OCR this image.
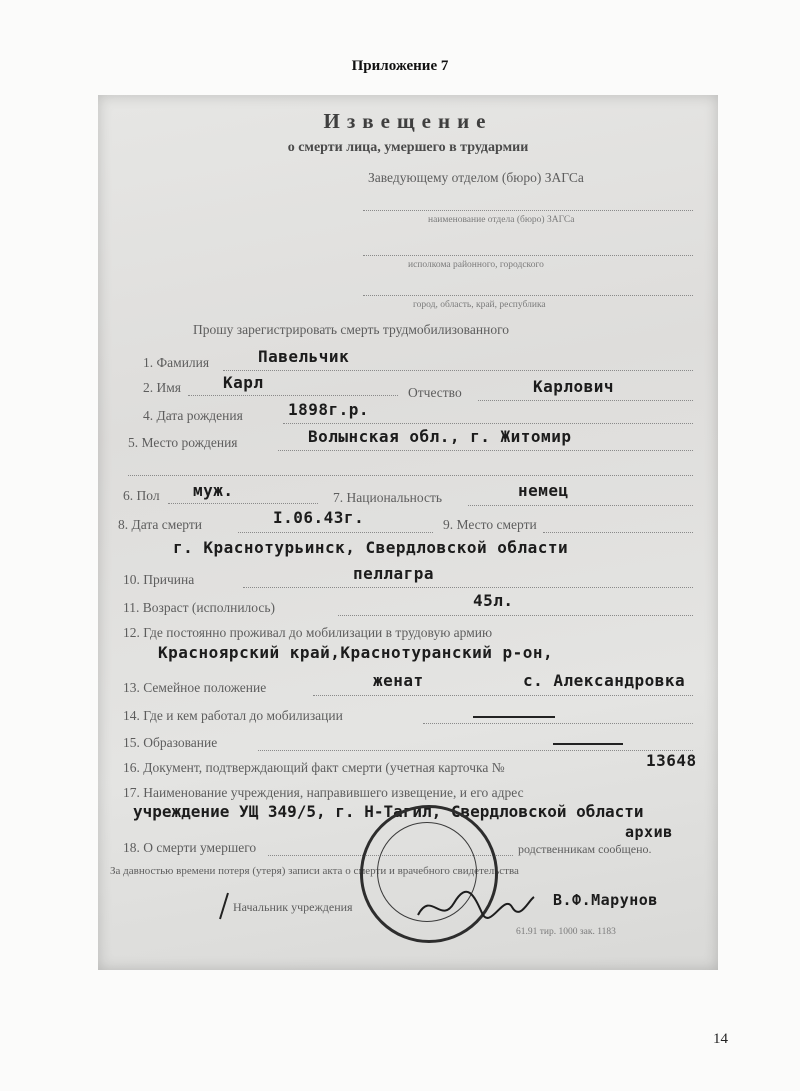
Приложение 7
Извещение
о смерти лица, умершего в трудармии
Заведующему отделом (бюро) ЗАГСа
наименование отдела (бюро) ЗАГСа
исполкома районного, городского
город, область, край, республика
Прошу зарегистрировать смерть трудмобилизованного
1. Фамилия	Павельчик
2. Имя	Карл
Отчество	Карлович
4. Дата рождения	1898г.р.
5. Место рождения	Волынская обл., г. Житомир
6. Пол муж.	7. Национальность	немец
8. Дата смерти	I.06.43г.	9. Место смерти
г. Краснотурьинск, Свердловской области
10. Причина	пеллагра
11. Возраст (исполнилось)	45л.
12. Где постоянно проживал до мобилизации в трудовую армию
Красноярский край,Краснотуранский р-он,
13. Семейное положение	женат	с. Александровка
14. Где и кем работал до мобилизации
15. Образование
16. Документ, подтверждающий факт смерти (учетная карточка №	13648
17. Наименование учреждения, направившего извещение, и его адрес
учреждение УЩ 349/5, г. Н-Тагил, Свердловской области
архив
18. О смерти умершего	родственникам сообщено.
За давностью времени потеря (утеря) записи акта о смерти и врачебного свидетельства
Начальник учреждения	В.Ф.Марунов
61.91 тир. 1000 зак. 1183
14
